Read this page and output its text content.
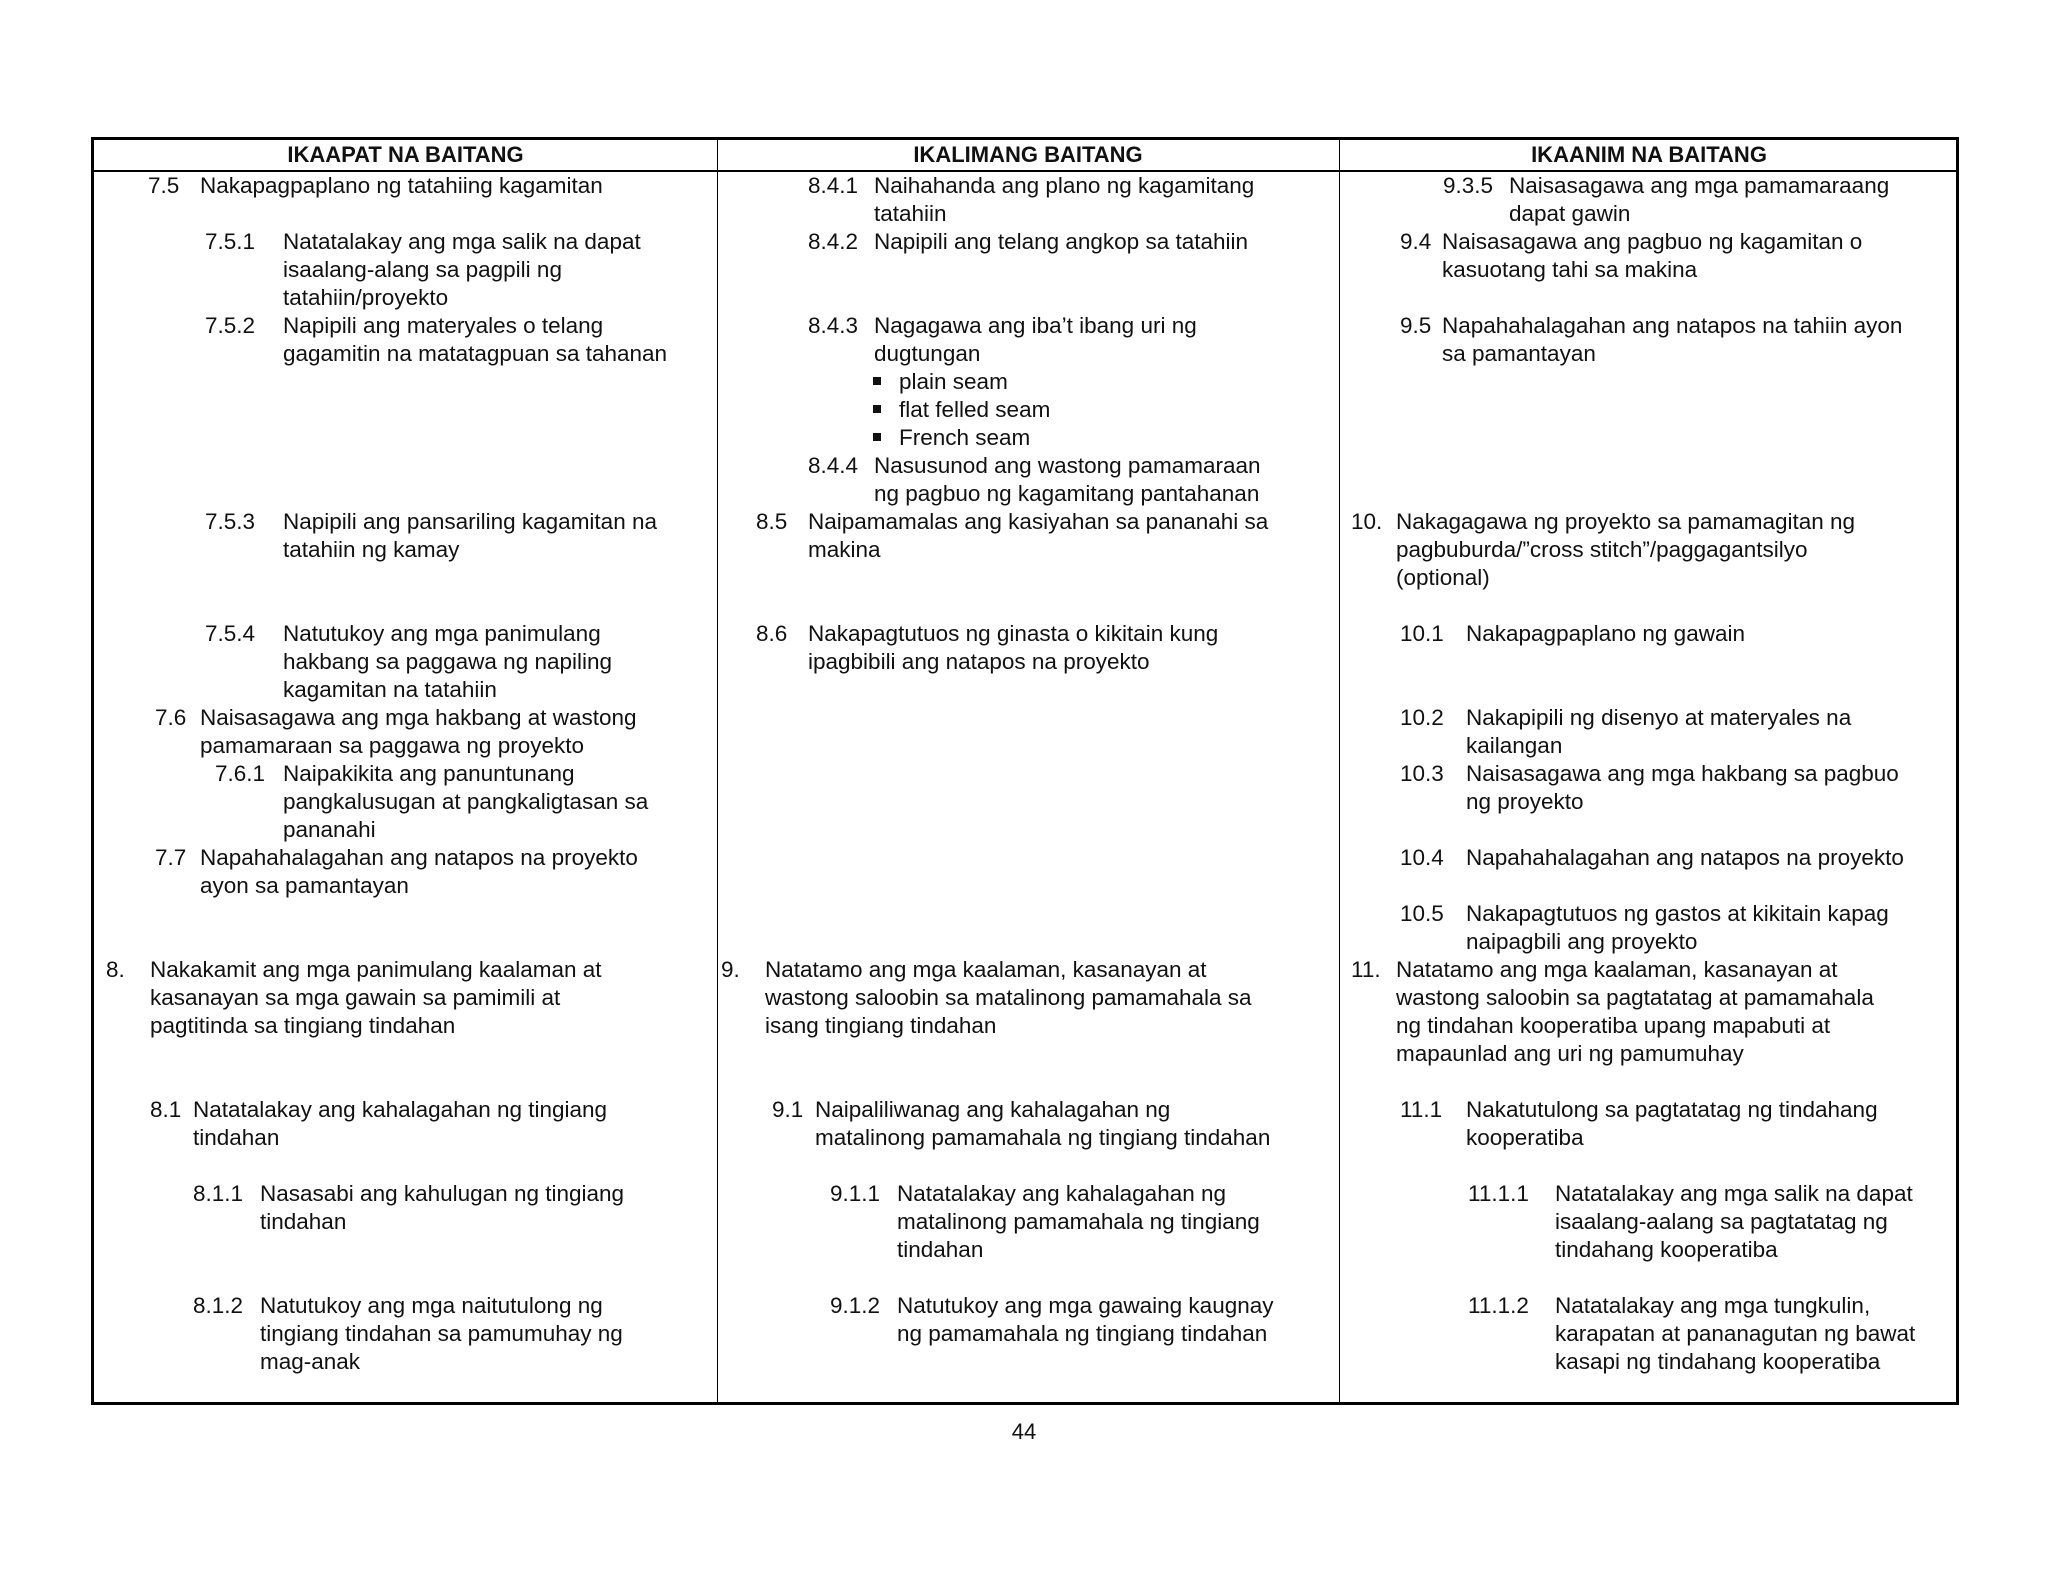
IKAAPAT NA BAITANG	IKALIMANG BAITANG	IKAANIM NA BAITANG
7.5 Nakapagpaplano ng tatahiing kagamitan
7.5.1 Natatalakay ang mga salik na dapat
isaalang-alang sa pagpili ng
tatahiin/proyekto
7.5.2 Napipili ang materyales o telang
gagamitin na matatagpuan sa tahanan
7.5.3 Napipili ang pansariling kagamitan na
tatahiin ng kamay
7.5.4 Natutukoy ang mga panimulang
hakbang sa paggawa ng napiling
kagamitan na tatahiin
7.6 Naisasagawa ang mga hakbang at wastong
pamamaraan sa paggawa ng proyekto
7.6.1 Naipakikita ang panuntunang
pangkalusugan at pangkaligtasan sa
pananahi
7.7 Napahahalagahan ang natapos na proyekto
ayon sa pamantayan
8. Nakakamit ang mga panimulang kaalaman at
kasanayan sa mga gawain sa pamimili at
pagtitinda sa tingiang tindahan
8.1 Natatalakay ang kahalagahan ng tingiang
tindahan
8.1.1 Nasasabi ang kahulugan ng tingiang
tindahan
8.1.2 Natutukoy ang mga naitutulong ng
tingiang tindahan sa pamumuhay ng
mag-anak
8.4.1 Naihahanda ang plano ng kagamitang
tatahiin
8.4.2 Napipili ang telang angkop sa tatahiin
8.4.3 Nagagawa ang iba’t ibang uri ng
dugtungan
plain seam
flat felled seam
French seam
8.4.4 Nasusunod ang wastong pamamaraan
ng pagbuo ng kagamitang pantahanan
8.5 Naipamamalas ang kasiyahan sa pananahi sa
makina
8.6 Nakapagtutuos ng ginasta o kikitain kung
ipagbibili ang natapos na proyekto
9. Natatamo ang mga kaalaman, kasanayan at
wastong saloobin sa matalinong pamamahala sa
isang tingiang tindahan
9.1 Naipaliliwanag ang kahalagahan ng
matalinong pamamahala ng tingiang tindahan
9.1.1 Natatalakay ang kahalagahan ng
matalinong pamamahala ng tingiang
tindahan
9.1.2 Natutukoy ang mga gawaing kaugnay
ng pamamahala ng tingiang tindahan
9.3.5 Naisasagawa ang mga pamamaraang
dapat gawin
9.4 Naisasagawa ang pagbuo ng kagamitan o
kasuotang tahi sa makina
9.5 Napahahalagahan ang natapos na tahiin ayon
sa pamantayan
10. Nakagagawa ng proyekto sa pamamagitan ng
pagbuburda/”cross stitch”/paggagantsilyo
(optional)
10.1 Nakapagpaplano ng gawain
10.2 Nakapipili ng disenyo at materyales na
kailangan
10.3 Naisasagawa ang mga hakbang sa pagbuo
ng proyekto
10.4 Napahahalagahan ang natapos na proyekto
10.5 Nakapagtutuos ng gastos at kikitain kapag
naipagbili ang proyekto
11. Natatamo ang mga kaalaman, kasanayan at
wastong saloobin sa pagtatatag at pamamahala
ng tindahan kooperatiba upang mapabuti at
mapaunlad ang uri ng pamumuhay
11.1 Nakatutulong sa pagtatatag ng tindahang
kooperatiba
11.1.1 Natatalakay ang mga salik na dapat
isaalang-aalang sa pagtatatag ng
tindahang kooperatiba
11.1.2 Natatalakay ang mga tungkulin,
karapatan at pananagutan ng bawat
kasapi ng tindahang kooperatiba
44
